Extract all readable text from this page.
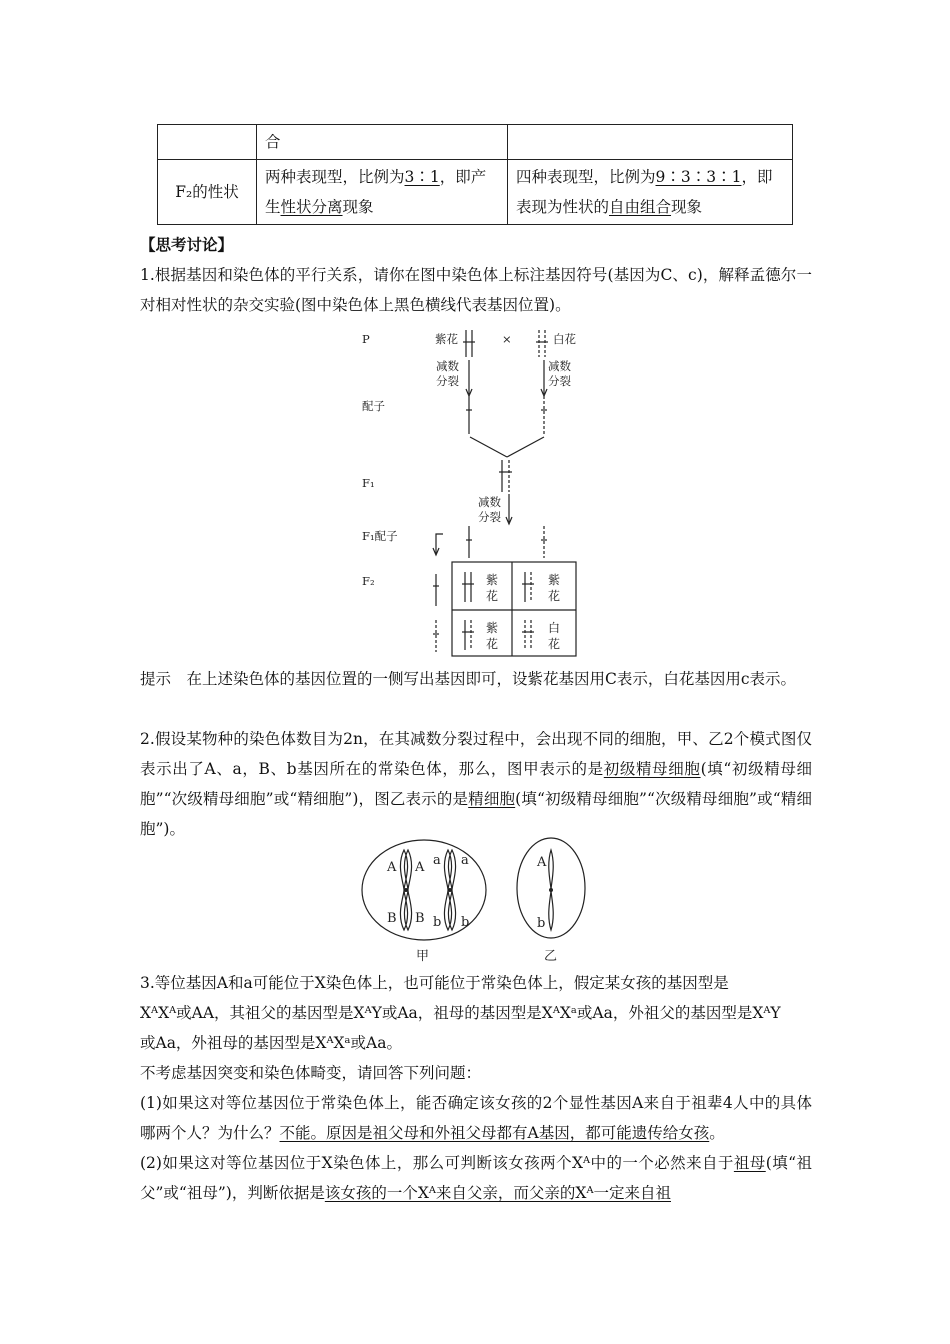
	合	
F₂的性状	两种表现型，比例为3∶1，即产生性状分离现象	四种表现型，比例为9∶3∶3∶1，即表现为性状的自由组合现象
【思考讨论】
1.根据基因和染色体的平行关系，请你在图中染色体上标注基因符号(基因为C、c)，解释孟德尔一对相对性状的杂交实验(图中染色体上黑色横线代表基因位置)。
P	紫花	×	白花
减数
分裂
减数
分裂
配子
F₁
减数
分裂
F₁配子
F₂	紫
花
紫
花
紫
花
白
花
提示　在上述染色体的基因位置的一侧写出基因即可，设紫花基因用C表示，白花基因用c表示。
2.假设某物种的染色体数目为2n，在其减数分裂过程中，会出现不同的细胞，甲、乙2个模式图仅表示出了A、a，B、b基因所在的常染色体，那么，图甲表示的是初级精母细胞(填“初级精母细胞”“次级精母细胞”或“精细胞”)，图乙表示的是精细胞(填“初级精母细胞”“次级精母细胞”或“精细胞”)。
A A a a
B B b b
A
b
甲	乙
3.等位基因A和a可能位于X染色体上，也可能位于常染色体上，假定某女孩的基因型是
XᴬXᴬ或AA，其祖父的基因型是XᴬY或Aa，祖母的基因型是XᴬXᵃ或Aa，外祖父的基因型是XᴬY
或Aa，外祖母的基因型是XᴬXᵃ或Aa。
不考虑基因突变和染色体畸变，请回答下列问题：
(1)如果这对等位基因位于常染色体上，能否确定该女孩的2个显性基因A来自于祖辈4人中的具体哪两个人？为什么？不能。原因是祖父母和外祖父母都有A基因，都可能遗传给女孩。
(2)如果这对等位基因位于X染色体上，那么可判断该女孩两个Xᴬ中的一个必然来自于祖母(填“祖父”或“祖母”)，判断依据是该女孩的一个Xᴬ来自父亲，而父亲的Xᴬ一定来自祖
